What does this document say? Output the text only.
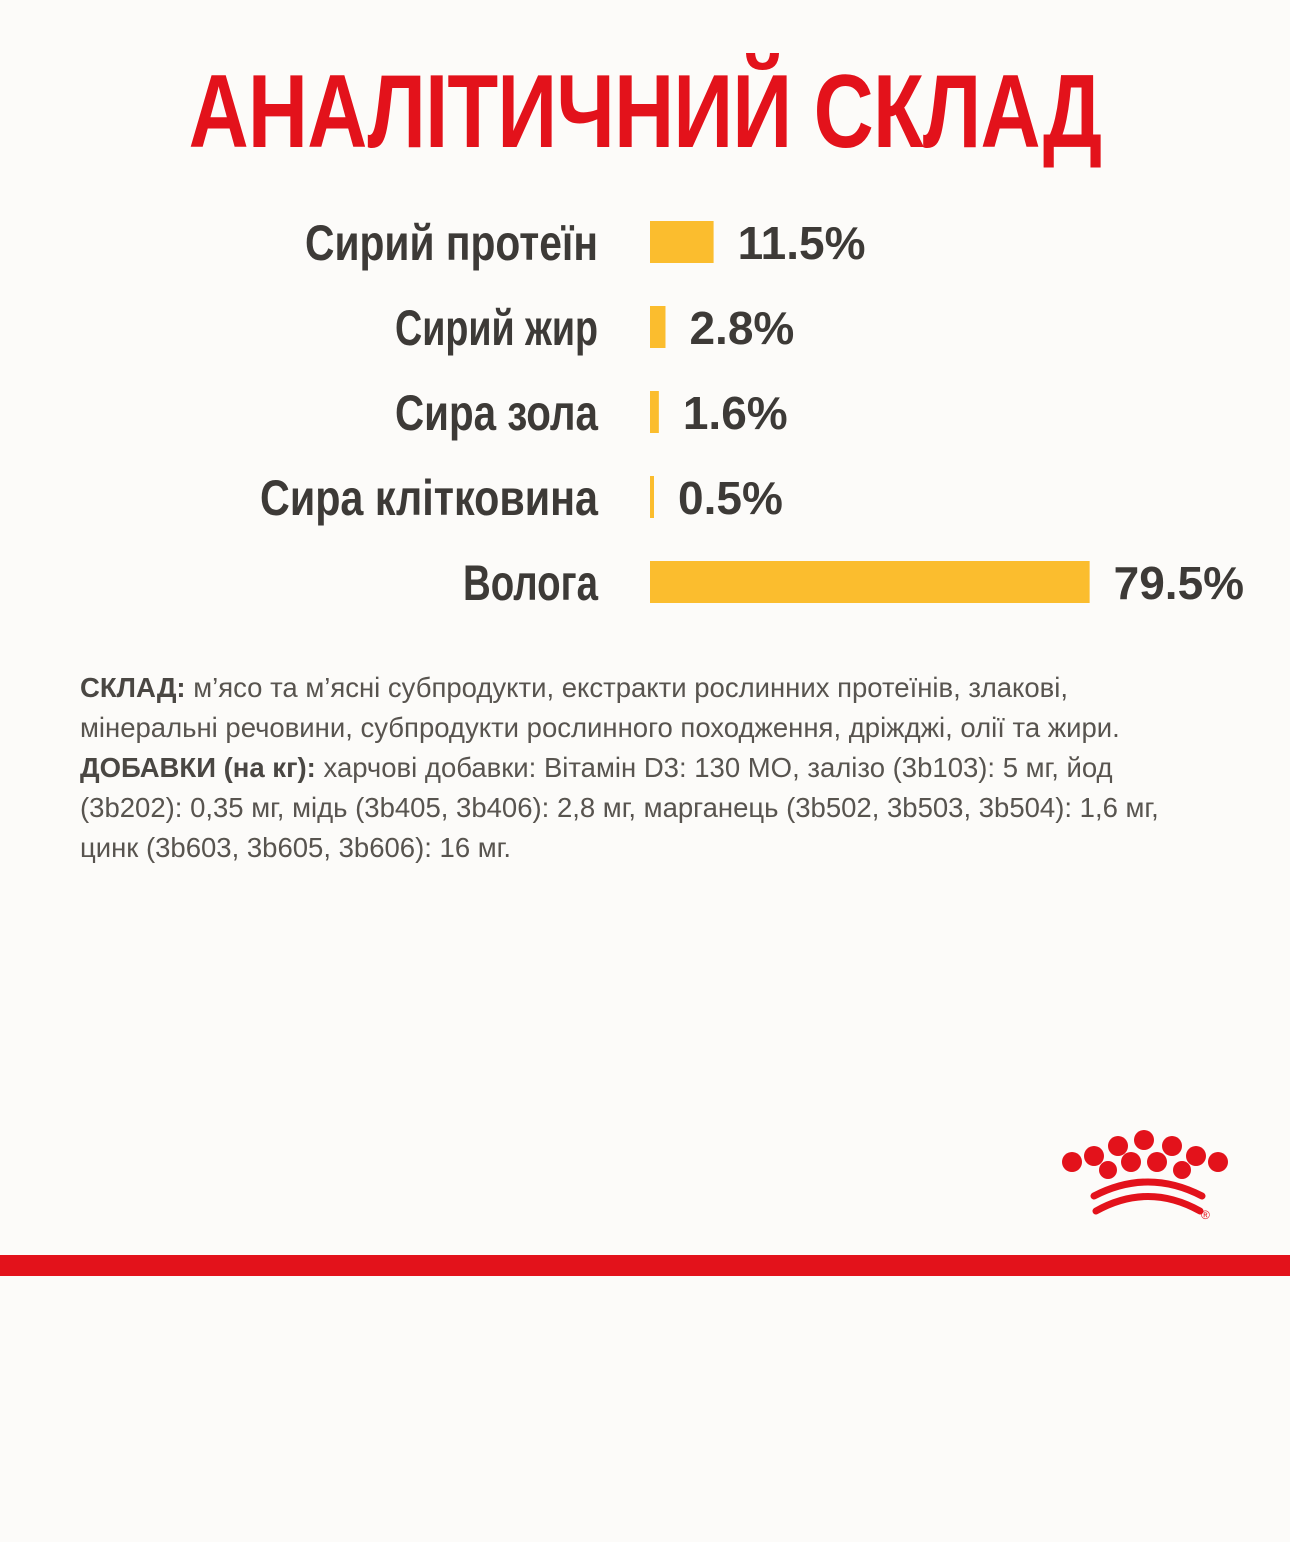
АНАЛІТИЧНИЙ СКЛАД
Сирий протеїн	11.5%
Сирий жир 2.8%
Сира зола 1.6%
Сира клітковина 0.5%
Волога	79.5%

СКЛАД: м’ясо та м’ясні субпродукти, екстракти рослинних протеїнів, злакові, мінеральні речовини, субпродукти рослинного походження, дріжджі, олії та жири.

ДОБАВКИ (на кг): харчові добавки: Вітамін D3: 130 МО, залізо (3b103): 5 мг, йод (3b202): 0,35 мг, мідь (3b405, 3b406): 2,8 мг, марганець (3b502, 3b503, 3b504): 1,6 мг, цинк (3b603, 3b605, 3b606): 16 мг.

®
